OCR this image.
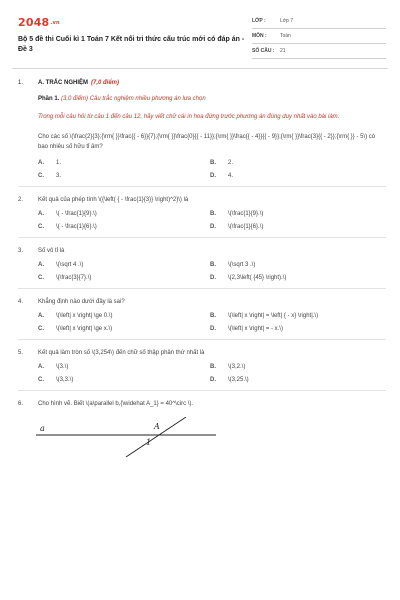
2048.vn
Bộ 5 đề thi Cuối kì 1 Toán 7 Kết nối tri thức cấu trúc mới có đáp án - Đề 3
LỚP :	Lớp 7
MÔN :	Toán
SỐ CÂU :	21
1.	A. TRẮC NGHIỆM (7,0 điểm)
Phần 1. (3,0 điểm) Câu trắc nghiệm nhiều phương án lựa chọn
Trong mỗi câu hỏi từ câu 1 đến câu 12, hãy viết chữ cái in hoa đứng trước phương án đúng duy nhất vào bài làm.
Cho các số \(\frac{2}{3};{\rm{ }}\frac{{ - 6}}{7};{\rm{ }}\frac{0}{{ - 11}};{\rm{ }}\frac{{ - 4}}{{ - 9}};{\rm{ }}\frac{3}{{ - 2}};{\rm{ }} - 5\) có bao nhiêu số hữu tỉ âm?
A.	1.	B.	2.
C.	3.	D.	4.
2.	Kết quả của phép tính \({\left( { - \frac{1}{3}} \right)^2}\) là
A.	\( - \frac{1}{9}.\)	B.	\(\frac{1}{9}.\)
C.	\( - \frac{1}{6}.\)	D.	\(\frac{1}{6}.\)
3.	Số vô tỉ là
A.	\(\sqrt 4 .\)	B.	\(\sqrt 3 .\)
C.	\(\frac{3}{7}.\)	D.	\(2,3\left( {45} \right).\)
4.	Khẳng định nào dưới đây là sai?
A.	\(\left| x \right| \ge 0.\)	B.	\(\left| x \right| = \left| { - x} \right|.\)
C.	\(\left| x \right| \ge x.\)	D.	\(\left| x \right| = - x.\)
5.	Kết quả làm tròn số \(3,254\) đến chữ số thập phân thứ nhất là
A.	\(3.\)	B.	\(3,2.\)
C.	\(3,3.\)	D.	\(3,25.\)
6.	Cho hình vẽ. Biết \(a\parallel b,{\widehat A_1} = 40^\circ \).
a	A
1
